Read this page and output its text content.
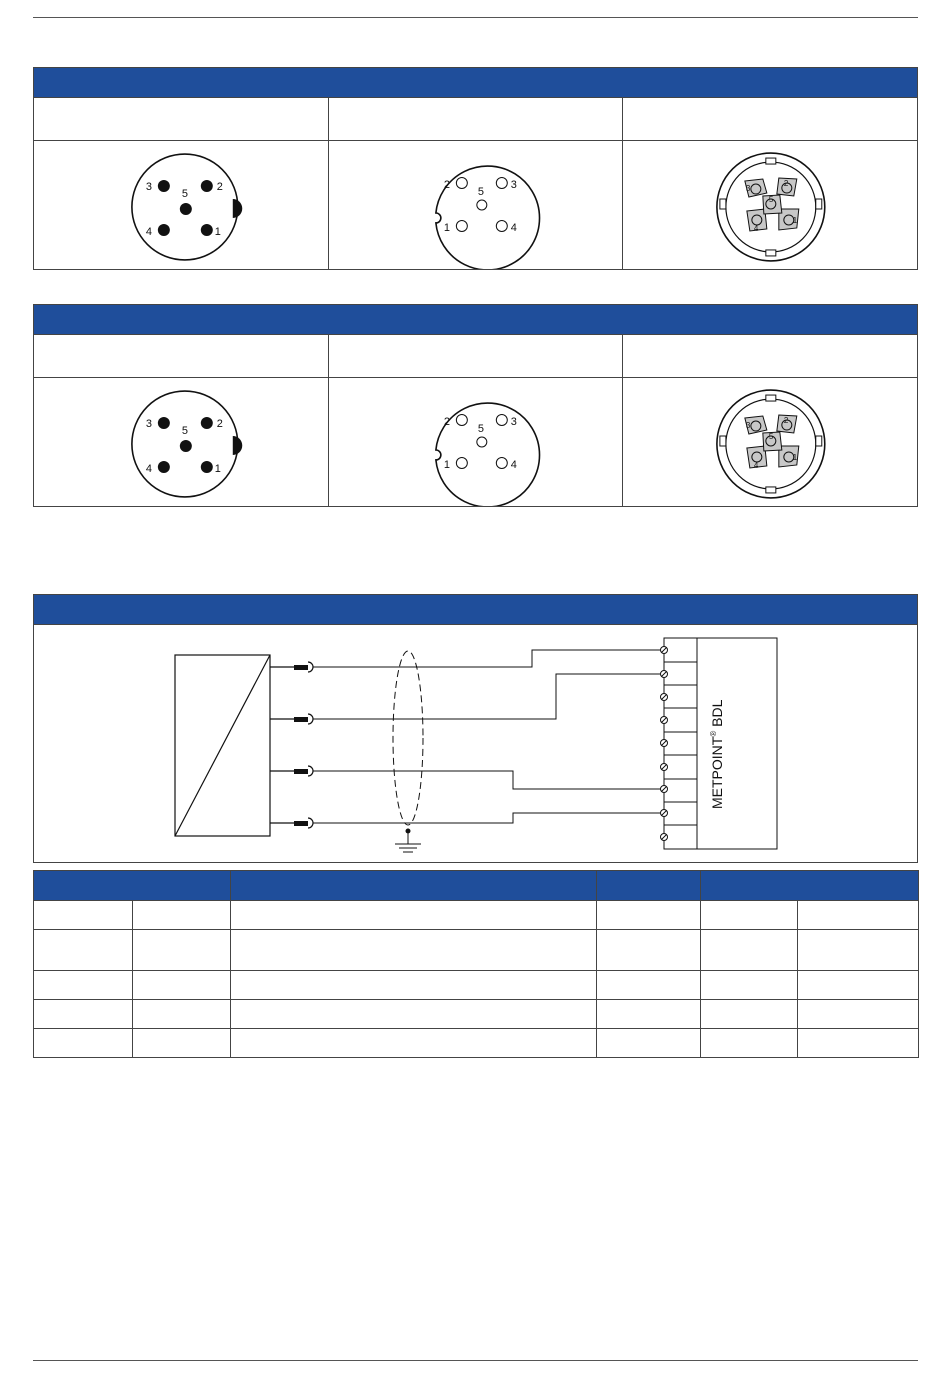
3	2
5
4	1
2	3
5
1	4
3
2
5
4
1
3	2
5
4	1
2	3
5
1	4
3
2
5
4
1
METPOINT® BDL
